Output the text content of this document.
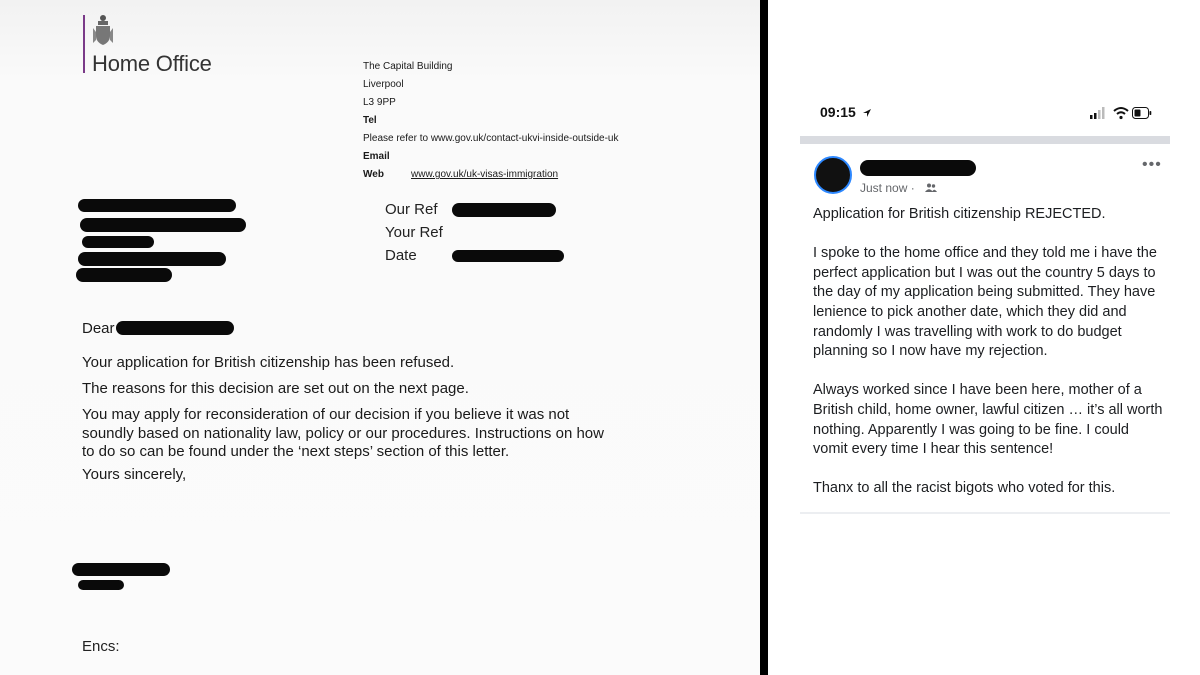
Home Office	The Capital Building
Liverpool
L3 9PP
Tel
Please refer to www.gov.uk/contact-ukvi-inside-outside-uk
Email
Web	www.gov.uk/uk-visas-immigration
Our Ref
Your Ref
Date
Dear
Your application for British citizenship has been refused.
The reasons for this decision are set out on the next page.
You may apply for reconsideration of our decision if you believe it was not
soundly based on nationality law, policy or our procedures. Instructions on how
to do so can be found under the ‘next steps’ section of this letter.
Yours sincerely,
Encs:
09:15
Just now ·
•••

Application for British citizenship REJECTED.

I spoke to the home office and they told me i have the perfect application but I was out the country 5 days to the day of my application being submitted. They have lenience to pick another date, which they did and randomly I was travelling with work to do budget planning so I now have my rejection.

Always worked since I have been here, mother of a British child, home owner, lawful citizen … it’s all worth nothing. Apparently I was going to be fine. I could vomit every time I hear this sentence!

Thanx to all the racist bigots who voted for this.
